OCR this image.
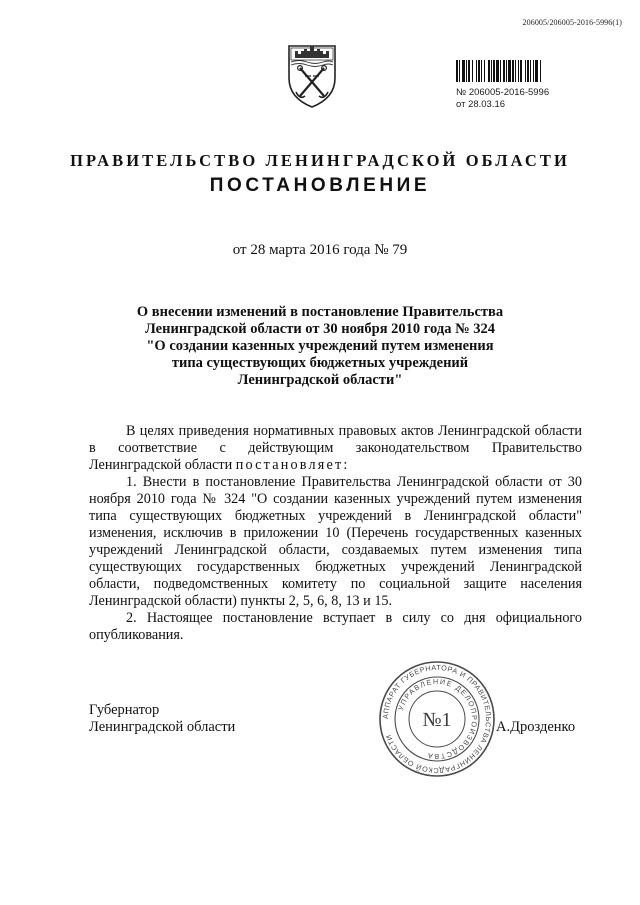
206005/206005-2016-5996(1)
№ 206005-2016-5996
от 28.03.16
ПРАВИТЕЛЬСТВО ЛЕНИНГРАДСКОЙ ОБЛАСТИ
ПОСТАНОВЛЕНИЕ
от 28 марта 2016 года № 79
О внесении изменений в постановление Правительства
Ленинградской области от 30 ноября 2010 года № 324
"О создании казенных учреждений путем изменения
типа существующих бюджетных учреждений
Ленинградской области"

В целях приведения нормативных правовых актов Ленинградской области в соответствие с действующим законодательством Правительство Ленинградской области постановляет:

1. Внести в постановление Правительства Ленинградской области от 30 ноября 2010 года № 324 "О создании казенных учреждений путем изменения типа существующих бюджетных учреждений в Ленинградской области" изменения, исключив в приложении 10 (Перечень государственных казенных учреждений Ленинградской области, создаваемых путем изменения типа существующих государственных бюджетных учреждений Ленинградской области, подведомственных комитету по социальной защите населения Ленинградской области) пункты 2, 5, 6, 8, 13 и 15.

2. Настоящее постановление вступает в силу со дня официального опубликования.

Губернатор
Ленинградской области	А.Дрозденко
АППАРАТ ГУБЕРНАТОРА И ПРАВИТЕЛЬСТВА ЛЕНИНГРАДСКОЙ ОБЛАСТИ
УПРАВЛЕНИЕ ДЕЛОПРОИЗВОДСТВА
№1
